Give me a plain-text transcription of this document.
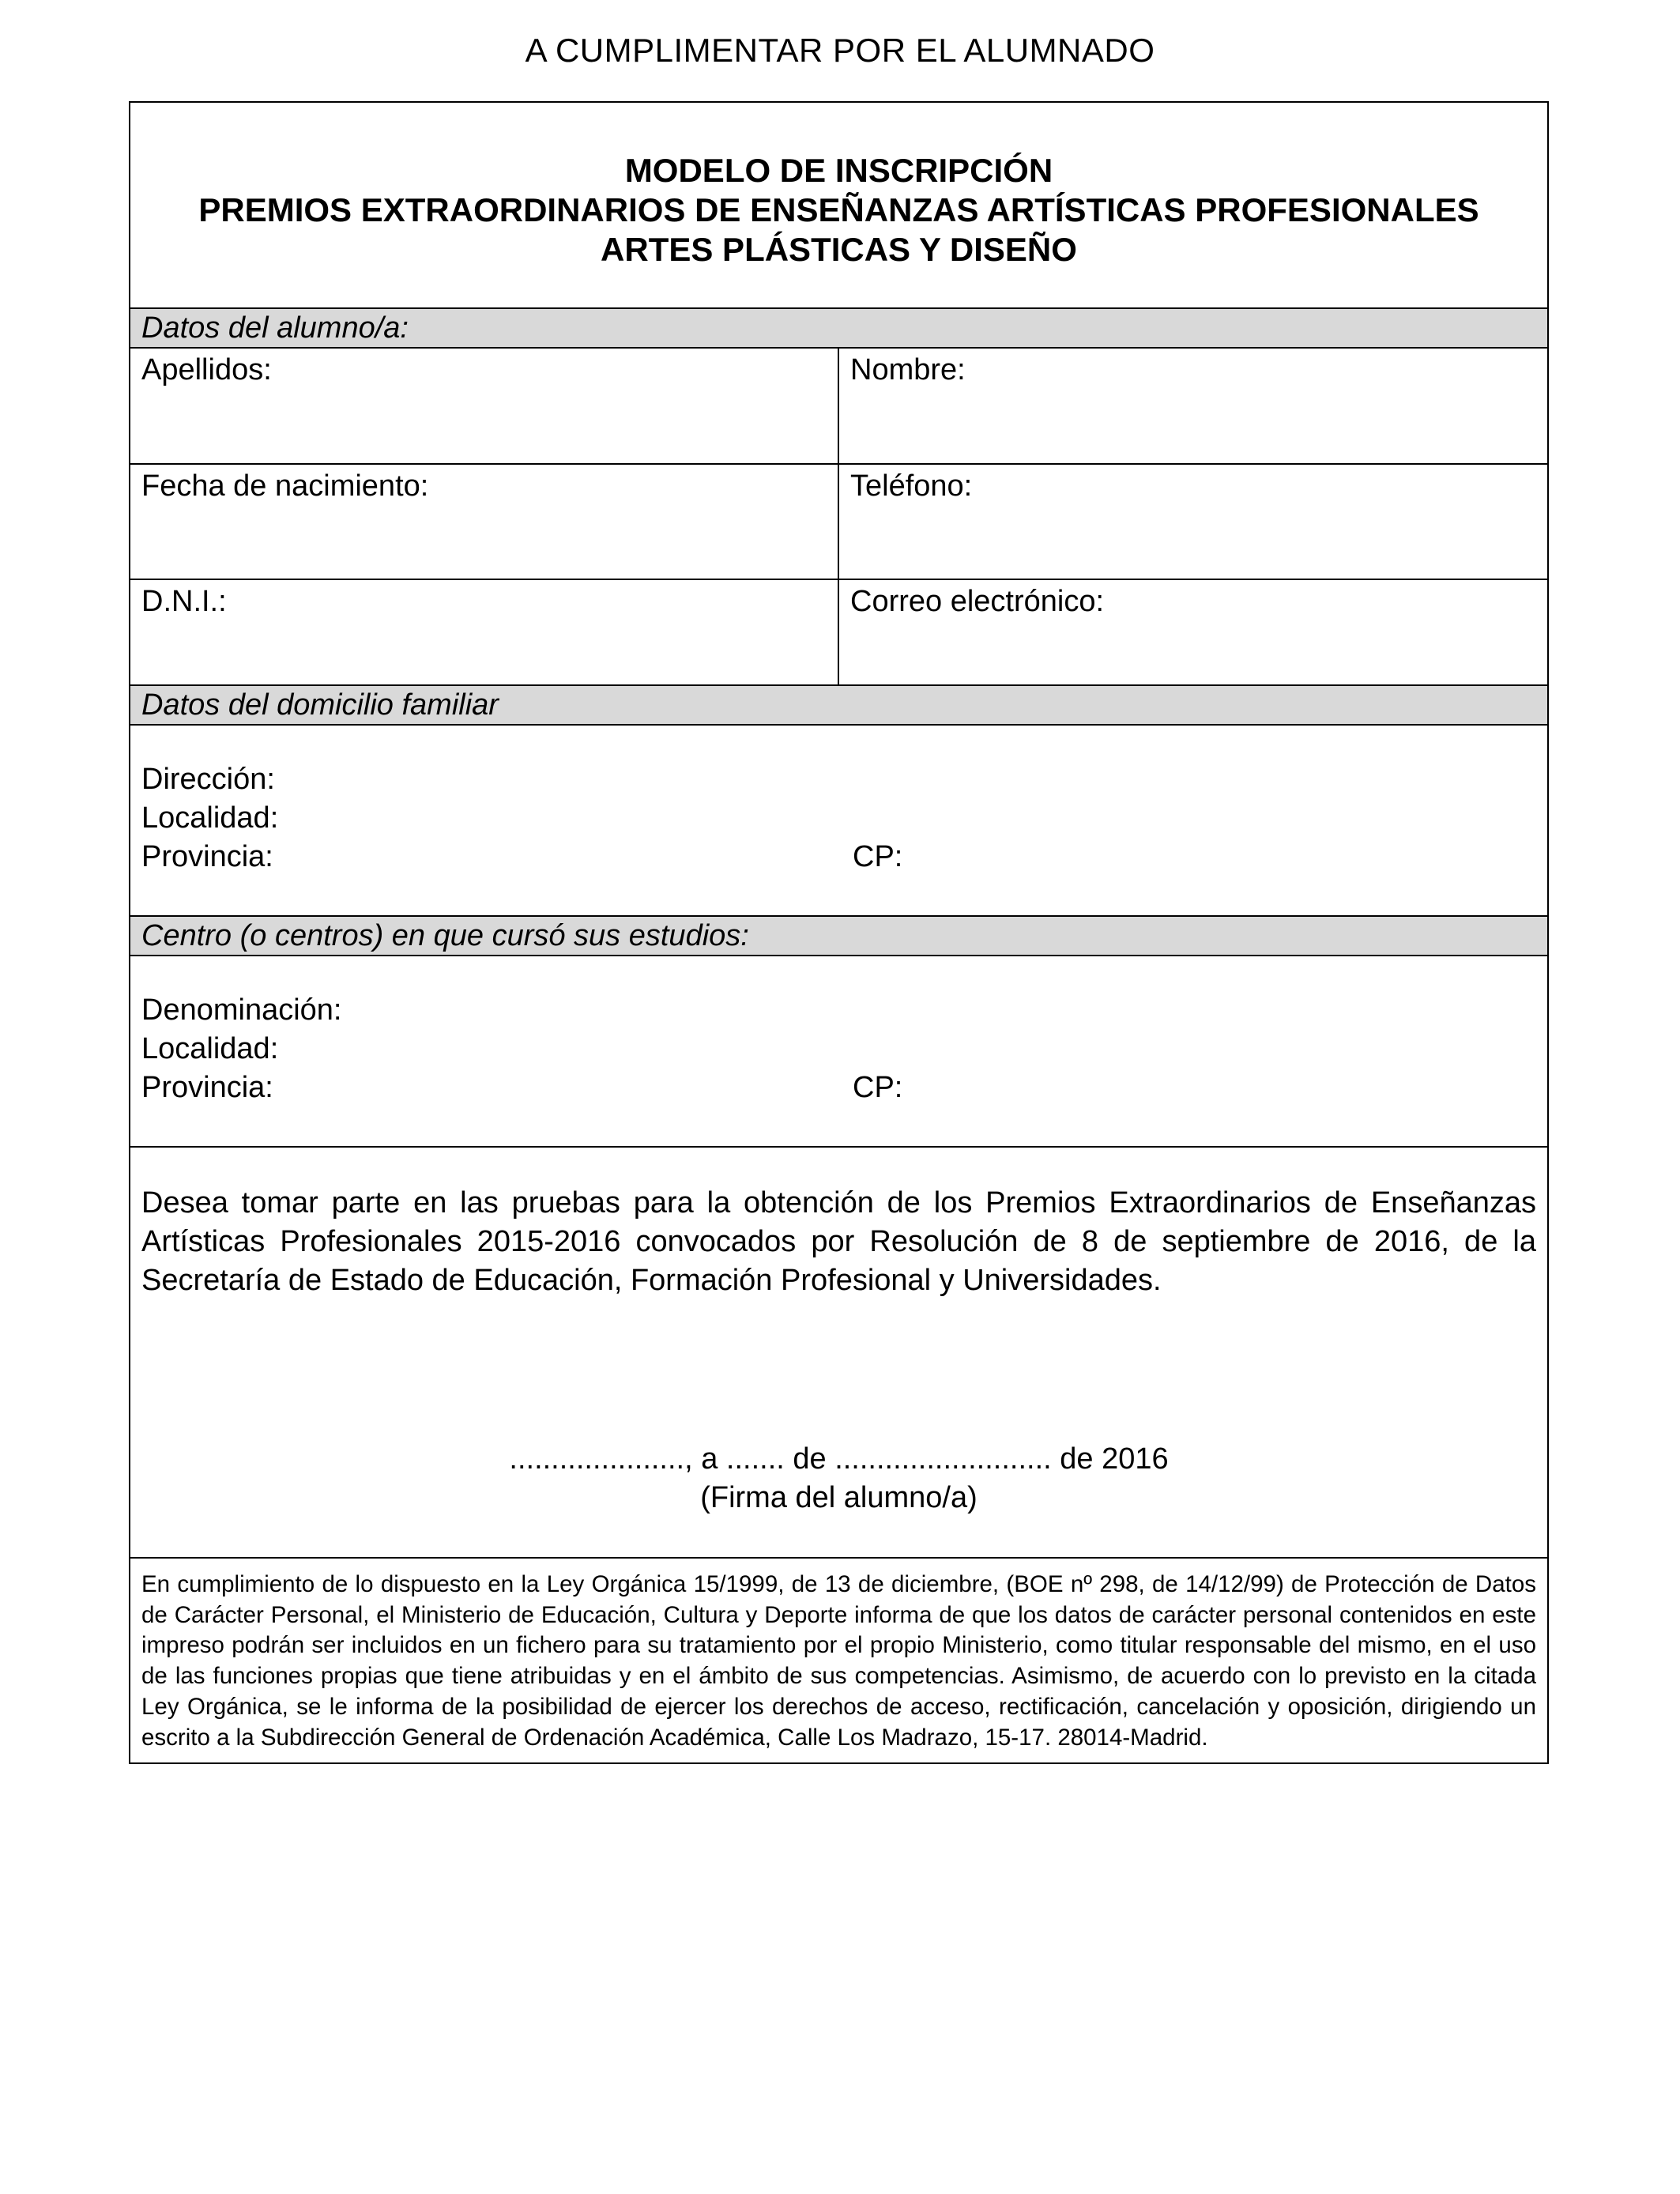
A CUMPLIMENTAR POR EL ALUMNADO
MODELO DE INSCRIPCIÓN
PREMIOS EXTRAORDINARIOS DE ENSEÑANZAS ARTÍSTICAS PROFESIONALES
ARTES PLÁSTICAS Y DISEÑO
Datos del alumno/a:
Apellidos:	Nombre:
Fecha de nacimiento:	Teléfono:
D.N.I.:	Correo electrónico:
Datos del domicilio familiar
Dirección:
Localidad:
Provincia:	CP:
Centro (o centros) en que cursó sus estudios:
Denominación:
Localidad:
Provincia:	CP:
Desea tomar parte en las pruebas para la obtención de los Premios Extraordinarios de Enseñanzas Artísticas Profesionales 2015-2016 convocados por Resolución de 8 de septiembre de 2016, de la Secretaría de Estado de Educación, Formación Profesional y Universidades.
....................., a ....... de .......................... de 2016
(Firma del alumno/a)
En cumplimiento de lo dispuesto en la Ley Orgánica 15/1999, de 13 de diciembre, (BOE nº 298, de 14/12/99) de Protección de Datos de Carácter Personal, el Ministerio de Educación, Cultura y Deporte informa de que los datos de carácter personal contenidos en este impreso podrán ser incluidos en un fichero para su tratamiento por el propio Ministerio, como titular responsable del mismo, en el uso de las funciones propias que tiene atribuidas y en el ámbito de sus competencias. Asimismo, de acuerdo con lo previsto en la citada Ley Orgánica, se le informa de la posibilidad de ejercer los derechos de acceso, rectificación, cancelación y oposición, dirigiendo un escrito a la Subdirección General de Ordenación Académica, Calle Los Madrazo, 15-17. 28014-Madrid.
